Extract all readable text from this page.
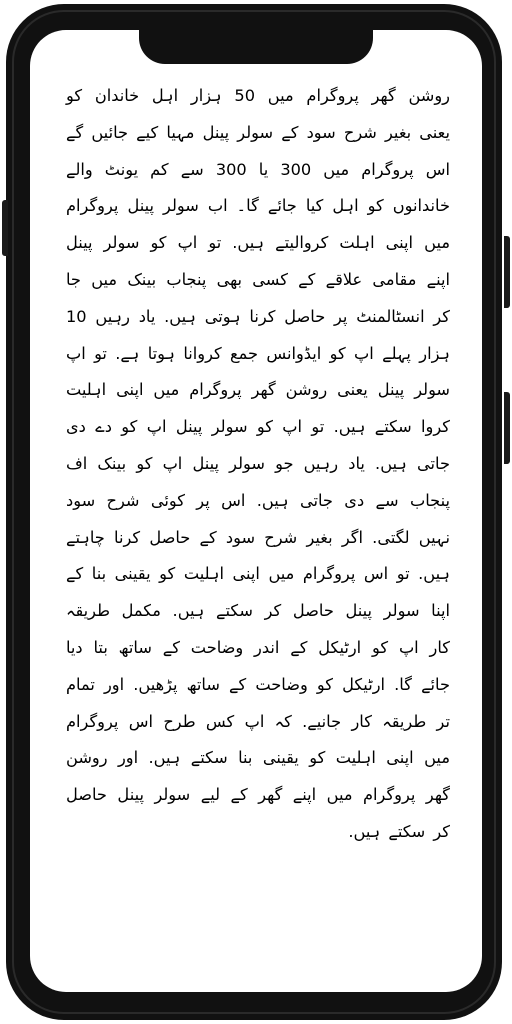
روشن گھر پروگرام میں 50 ہزار اہل خاندان کو یعنی بغیر شرح سود کے سولر پینل مہیا کیے جائیں گے اس پروگرام میں 300 یا 300 سے کم یونٹ والے خاندانوں کو اہل کیا جائے گا۔ اب سولر پینل پروگرام میں اپنی اہلت کروالیتے ہیں. تو اپ کو سولر پینل اپنے مقامی علاقے کے کسی بھی پنجاب بینک میں جا کر انسٹالمنٹ پر حاصل کرنا ہوتی ہیں. یاد رہیں 10 ہزار پہلے اپ کو ایڈوانس جمع کروانا ہوتا ہے. تو اپ سولر پینل یعنی روشن گھر پروگرام میں اپنی اہلیت کروا سکتے ہیں. تو اپ کو سولر پینل اپ کو دے دی جاتی ہیں. یاد رہیں جو سولر پینل اپ کو بینک اف پنجاب سے دی جاتی ہیں. اس پر کوئی شرح سود نہیں لگتی. اگر بغیر شرح سود کے حاصل کرنا چاہتے ہیں. تو اس پروگرام میں اپنی اہلیت کو یقینی بنا کے اپنا سولر پینل حاصل کر سکتے ہیں. مکمل طریقہ کار اپ کو ارٹیکل کے اندر وضاحت کے ساتھ بتا دیا جائے گا. ارٹیکل کو وضاحت کے ساتھ پڑھیں. اور تمام تر طریقہ کار جانیے. کہ اپ کس طرح اس پروگرام میں اپنی اہلیت کو یقینی بنا سکتے ہیں. اور روشن گھر پروگرام میں اپنے گھر کے لیے سولر پینل حاصل کر سکتے ہیں.
